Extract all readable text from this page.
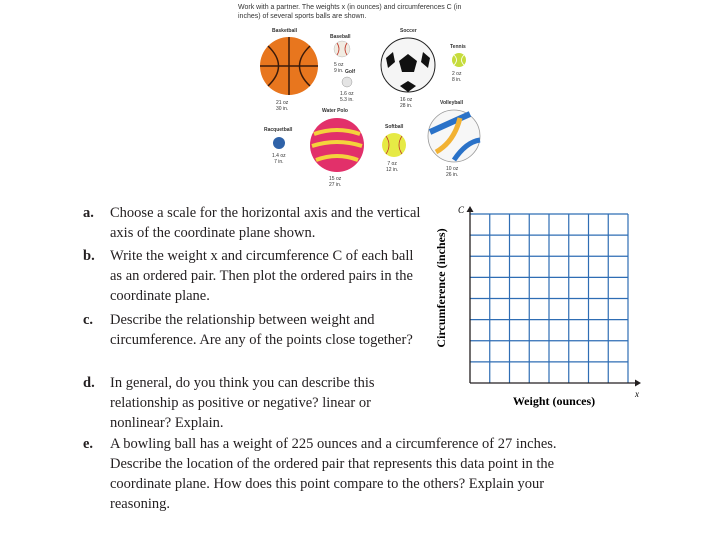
Work with a partner. The weights x (in ounces) and circumferences C (in inches) of several sports balls are shown.
Basketball
21 oz
30 in.
Baseball
5 oz
9 in. Golf
1.6 oz
5.3 in.
Soccer
16 oz
28 in.
Tennis
2 oz
8 in.
Water Polo
15 oz
27 in.
Racquetball
1.4 oz
7 in.
Softball
7 oz
12 in.
Volleyball
10 oz
26 in.
a. Choose a scale for the horizontal axis and the vertical axis of the coordinate plane shown.
b. Write the weight x and circumference C of each ball as an ordered pair. Then plot the ordered pairs in the coordinate plane.
c. Describe the relationship between weight and circumference. Are any of the points close together?
d. In general, do you think you can describe this relationship as positive or negative? linear or nonlinear? Explain.
e. A bowling ball has a weight of 225 ounces and a circumference of 27 inches. Describe the location of the ordered pair that represents this data point in the coordinate plane. How does this point compare to the others? Explain your reasoning.
x
C
Weight (ounces)
Circumference (inches)
